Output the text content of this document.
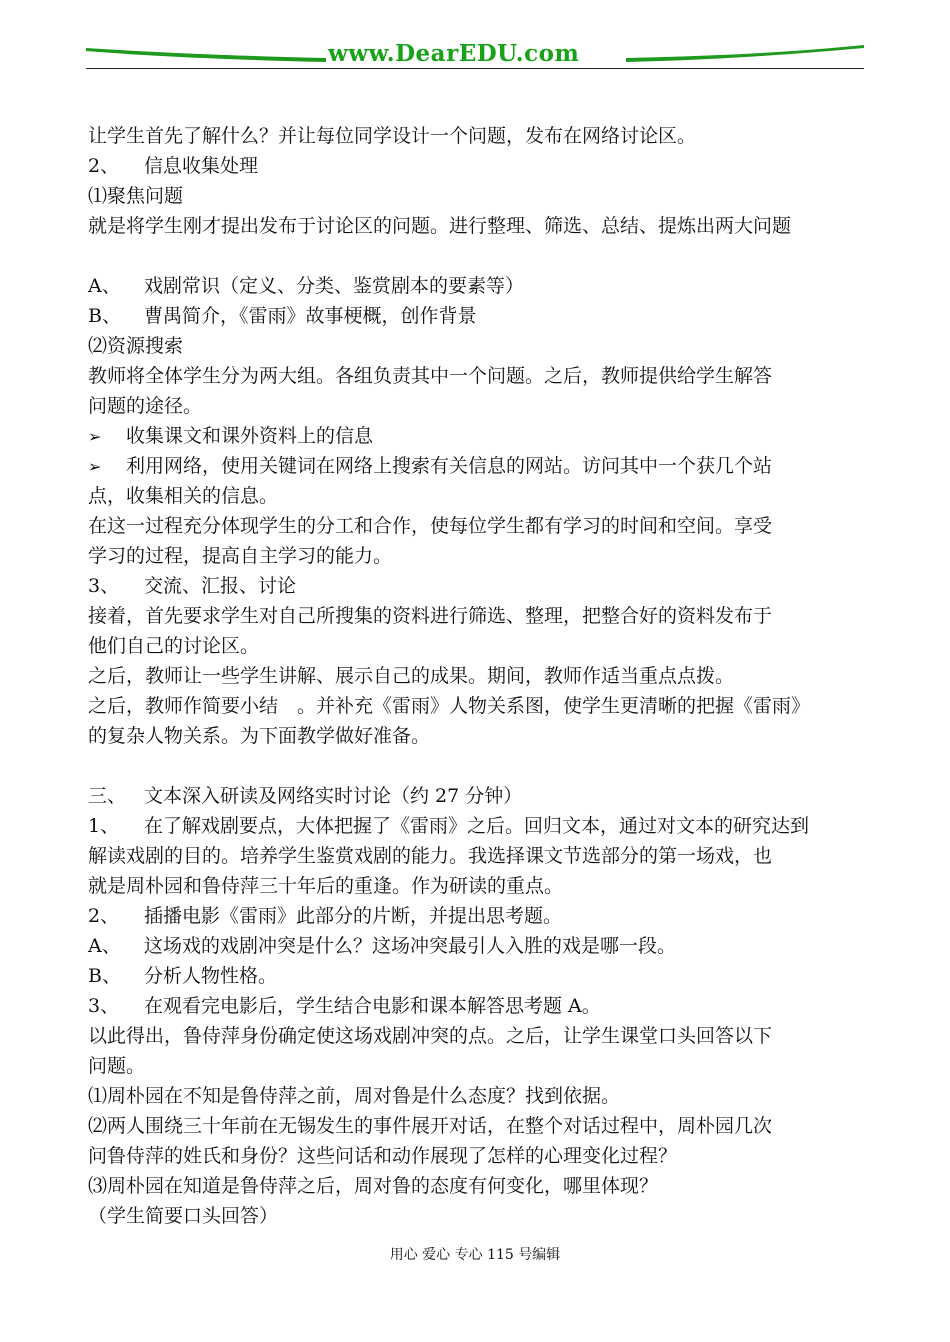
www.DearEDU.com
让学生首先了解什么？并让每位同学设计一个问题，发布在网络讨论区。
2、 信息收集处理
⑴聚焦问题
就是将学生刚才提出发布于讨论区的问题。进行整理、筛选、总结、提炼出两大问题
A、 戏剧常识（定义、分类、鉴赏剧本的要素等）
B、 曹禺简介，《雷雨》故事梗概，创作背景
⑵资源搜索
教师将全体学生分为两大组。各组负责其中一个问题。之后，教师提供给学生解答
问题的途径。
➢ 收集课文和课外资料上的信息
➢ 利用网络，使用关键词在网络上搜索有关信息的网站。访问其中一个获几个站
点，收集相关的信息。
在这一过程充分体现学生的分工和合作，使每位学生都有学习的时间和空间。享受
学习的过程，提高自主学习的能力。
3、 交流、汇报、讨论
接着，首先要求学生对自己所搜集的资料进行筛选、整理，把整合好的资料发布于
他们自己的讨论区。
之后，教师让一些学生讲解、展示自己的成果。期间，教师作适当重点点拨。
之后，教师作简要小结　。并补充《雷雨》人物关系图，使学生更清晰的把握《雷雨》
的复杂人物关系。为下面教学做好准备。
三、 文本深入研读及网络实时讨论（约 27 分钟）
1、 在了解戏剧要点，大体把握了《雷雨》之后。回归文本，通过对文本的研究达到
解读戏剧的目的。培养学生鉴赏戏剧的能力。我选择课文节选部分的第一场戏，也
就是周朴园和鲁侍萍三十年后的重逢。作为研读的重点。
2、 插播电影《雷雨》此部分的片断，并提出思考题。
A、 这场戏的戏剧冲突是什么？这场冲突最引人入胜的戏是哪一段。
B、 分析人物性格。
3、 在观看完电影后，学生结合电影和课本解答思考题 A。
以此得出，鲁侍萍身份确定使这场戏剧冲突的点。之后，让学生课堂口头回答以下
问题。
⑴周朴园在不知是鲁侍萍之前，周对鲁是什么态度？找到依据。
⑵两人围绕三十年前在无锡发生的事件展开对话，在整个对话过程中，周朴园几次
问鲁侍萍的姓氏和身份？这些问话和动作展现了怎样的心理变化过程？
⑶周朴园在知道是鲁侍萍之后，周对鲁的态度有何变化，哪里体现？
（学生简要口头回答）
用心 爱心 专心 115 号编辑
